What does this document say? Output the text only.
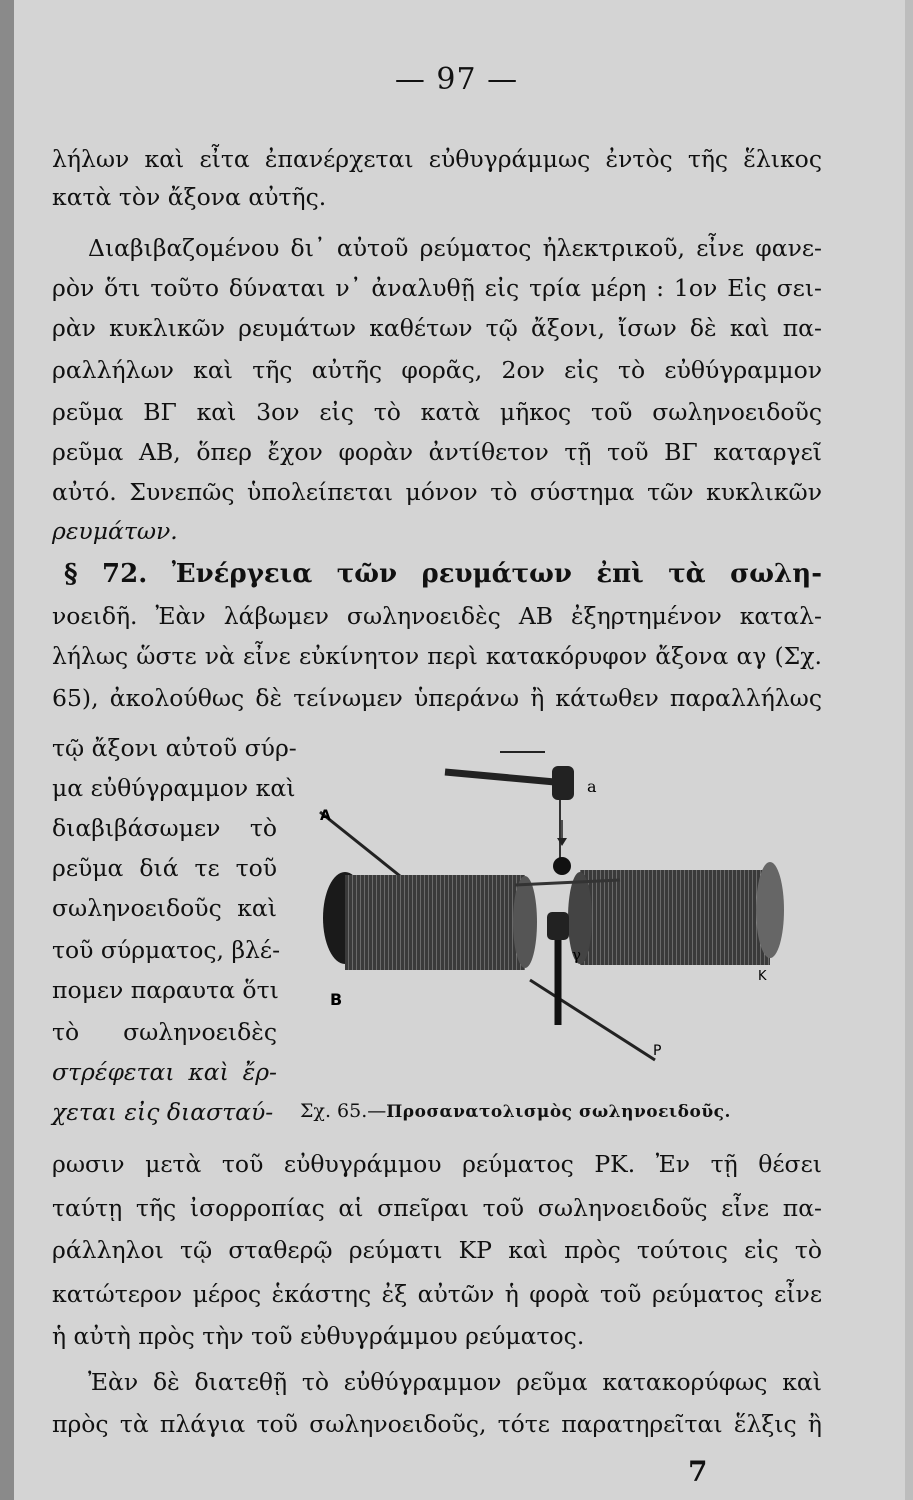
— 97 —
λήλων καὶ εἶτα ἐπανέρχεται εὐθυγράμμως ἐντὸς τῆς ἕλικος
κατὰ τὸν ἄξονα αὐτῆς.
Διαβιβαζομένου δι᾽ αὐτοῦ ρεύματος ἠλεκτρικοῦ, εἶνε φανε-
ρὸν ὅτι τοῦτο δύναται ν᾽ ἀναλυθῇ εἰς τρία μέρη : 1ον Εἰς σει-
ρὰν κυκλικῶν ρευμάτων καθέτων τῷ ἄξονι, ἴσων δὲ καὶ πα-
ραλλήλων καὶ τῆς αὐτῆς φορᾶς, 2ον εἰς τὸ εὐθύγραμμον
ρεῦμα ΒΓ καὶ 3ον εἰς τὸ κατὰ μῆκος τοῦ σωληνοειδοῦς
ρεῦμα ΑΒ, ὅπερ ἔχον φορὰν ἀντίθετον τῇ τοῦ ΒΓ καταργεῖ
αὐτό. Συνεπῶς ὑπολείπεται μόνον τὸ σύστημα τῶν κυκλικῶν
ρευμάτων.
§ 72. Ἐνέργεια τῶν ρευμάτων ἐπὶ τὰ σωλη-
νοειδῆ. Ἐὰν λάβωμεν σωληνοειδὲς ΑΒ ἐξηρτημένον καταλ-
λήλως ὥστε νὰ εἶνε εὐκίνητον περὶ κατακόρυφον ἄξονα αγ (Σχ.
65), ἀκολούθως δὲ τείνωμεν ὑπεράνω ἢ κάτωθεν παραλλήλως
τῷ ἄξονι αὐτοῦ σύρ-
μα εὐθύγραμμον καὶ
διαβιβάσωμεν τὸ
ρεῦμα διά τε τοῦ
σωληνοειδοῦς καὶ
τοῦ σύρματος, βλέ-
πομεν παραυτα ὅτι
τὸ σωληνοειδὲς
στρέφεται καὶ ἔρ-
χεται εἰς διασταύ-
ρωσιν μετὰ τοῦ εὐθυγράμμου ρεύματος ΡΚ. Ἐν τῇ θέσει
ταύτῃ τῆς ἰσορροπίας αἱ σπεῖραι τοῦ σωληνοειδοῦς εἶνε πα-
ράλληλοι τῷ σταθερῷ ρεύματι ΚΡ καὶ πρὸς τούτοις εἰς τὸ
κατώτερον μέρος ἑκάστης ἐξ αὐτῶν ἡ φορὰ τοῦ ρεύματος εἶνε
ἡ αὐτὴ πρὸς τὴν τοῦ εὐθυγράμμου ρεύματος.
Ἐὰν δὲ διατεθῇ τὸ εὐθύγραμμον ρεῦμα κατακορύφως καὶ
πρὸς τὰ πλάγια τοῦ σωληνοειδοῦς, τότε παρατηρεῖται ἕλξις ἢ
a
γ
B
K
P
A
Σχ. 65.—Προσανατολισμὸς σωληνοειδοῦς.
7
